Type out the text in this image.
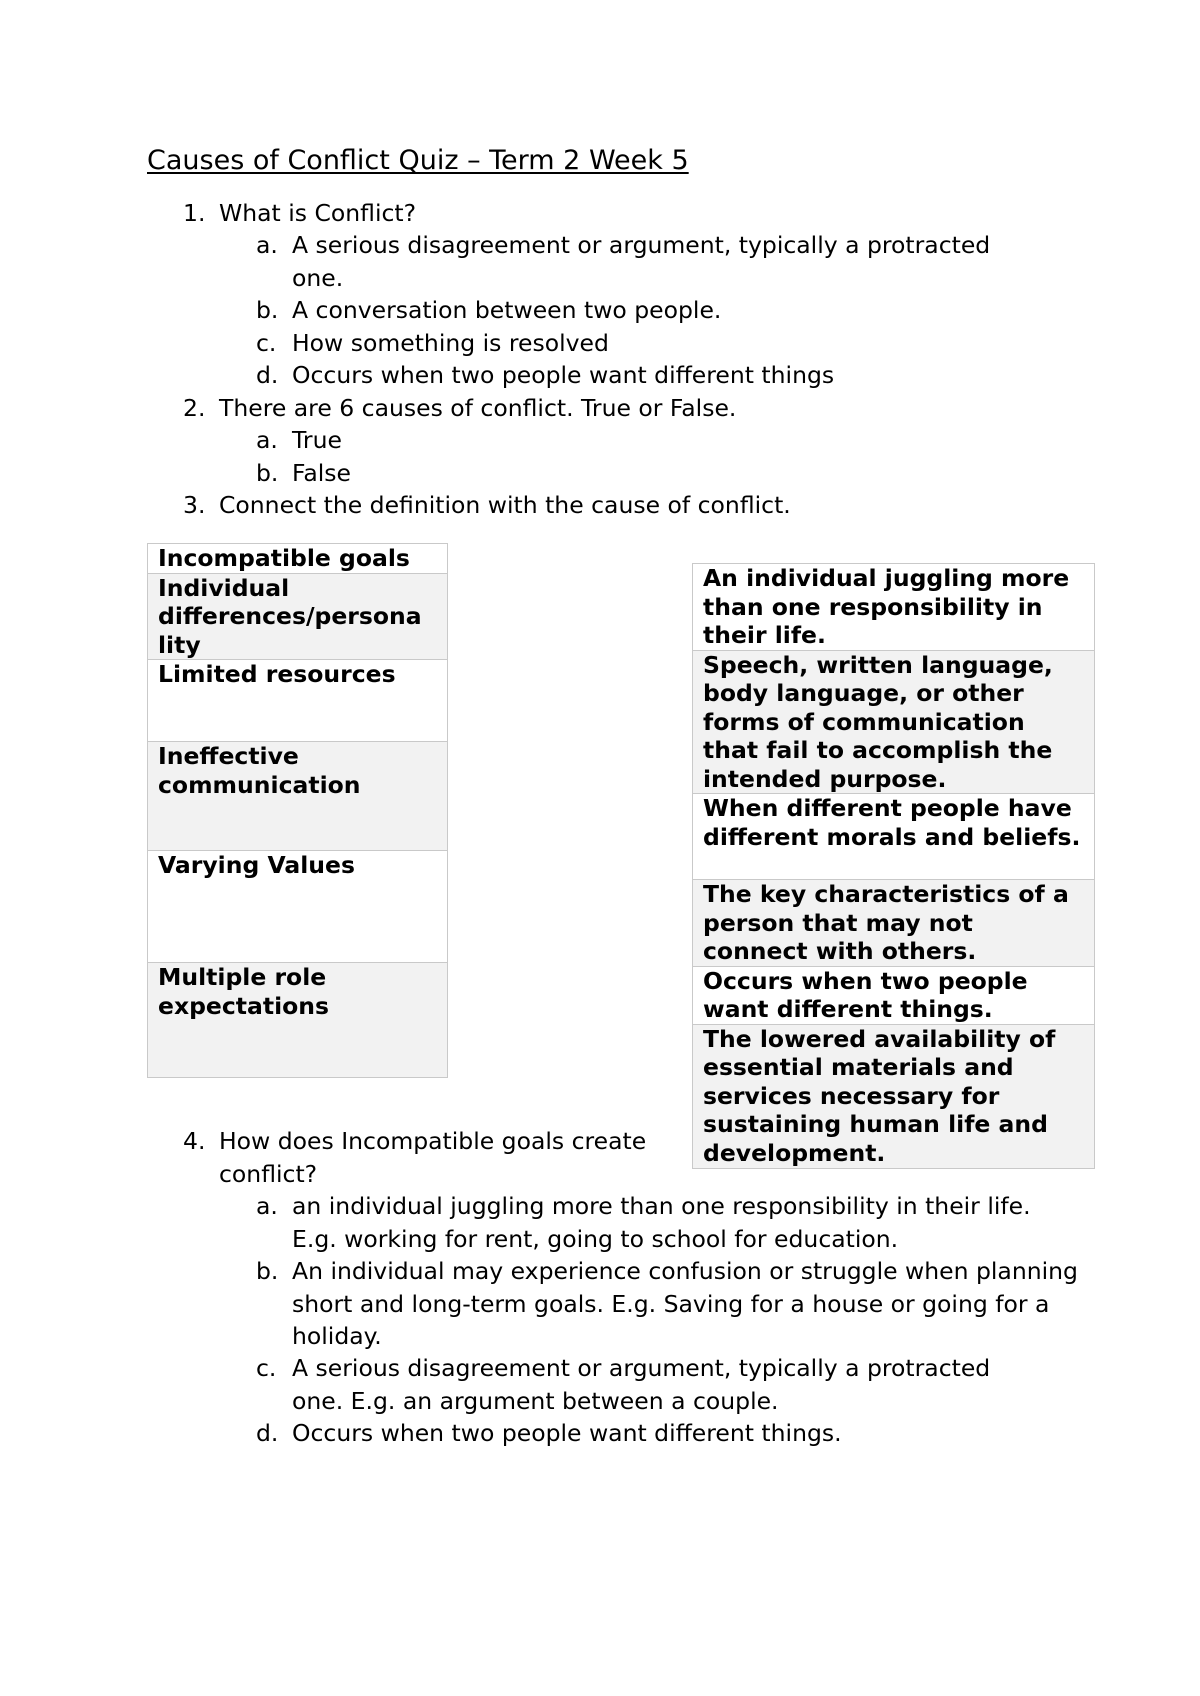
Causes of Conflict Quiz – Term 2 Week 5
1. What is Conflict?
a. A serious disagreement or argument, typically a protracted one.
b. A conversation between two people.
c. How something is resolved
d. Occurs when two people want different things
2. There are 6 causes of conflict. True or False.
a. True
b. False
3. Connect the definition with the cause of conflict.
Incompatible goals
Individual
differences/persona
lity
Limited resources
Ineffective communication
Varying Values
Multiple role expectations
An individual juggling more than one responsibility in their life.
Speech, written language, body language, or other forms of communication that fail to accomplish the intended purpose.
When different people have different morals and beliefs.
The key characteristics of a person that may not connect with others.
Occurs when two people want different things.
The lowered availability of essential materials and services necessary for sustaining human life and development.
4. How does Incompatible goals create conflict?
a. an individual juggling more than one responsibility in their life. E.g. working for rent, going to school for education.
b. An individual may experience confusion or struggle when planning short and long-term goals. E.g. Saving for a house or going for a holiday.
c. A serious disagreement or argument, typically a protracted one. E.g. an argument between a couple.
d. Occurs when two people want different things.
